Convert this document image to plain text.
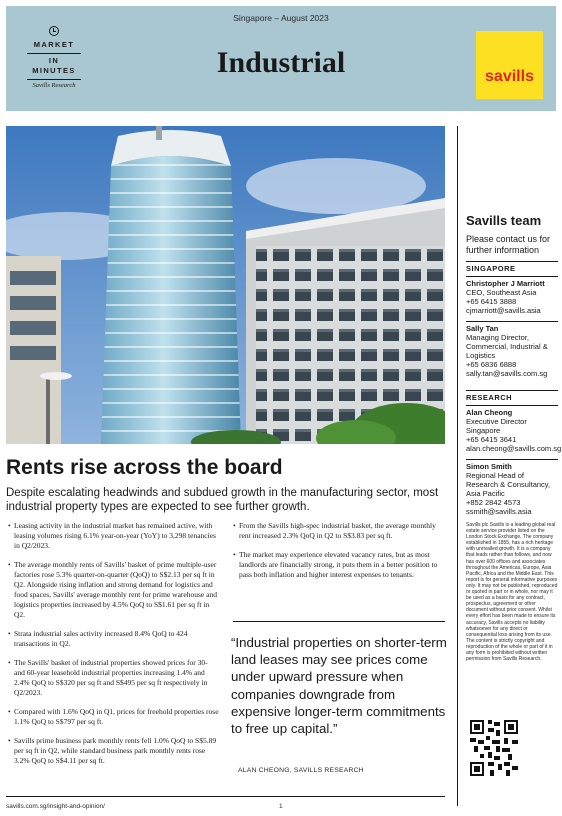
Singapore – August 2023
MARKET
IN
MINUTES
Savills Research
Industrial	savills
Savills team
Please contact us for further information
SINGAPORE
Christopher J Marriott
CEO, Southeast Asia
+65 6415 3888
cjmarriott@savills.asia
Sally Tan
Managing Director,
Commercial, Industrial &
Logistics
+65 6836 6888
sally.tan@savills.com.sg
RESEARCH
Alan Cheong
Executive Director
Singapore
+65 6415 3641
alan.cheong@savills.com.sg
Simon Smith
Regional Head of
Research & Consultancy,
Asia Pacific
+852 2842 4573
ssmith@savills.asia
Savills plc Savills is a leading global real estate service provider listed on the London Stock Exchange. The company established in 1855, has a rich heritage with unrivalled growth. It is a company that leads rather than follows, and now has over 600 offices and associates throughout the Americas, Europe, Asia Pacific, Africa and the Middle East. This report is for general informative purposes only. It may not be published, reproduced or quoted in part or in whole, nor may it be used as a basis for any contract, prospectus, agreement or other document without prior consent. Whilst every effort has been made to ensure its accuracy, Savills accepts no liability whatsoever for any direct or consequential loss arising from its use. The content is strictly copyright and reproduction of the whole or part of it in any form is prohibited without written permission from Savills Research.
Rents rise across the board
Despite escalating headwinds and subdued growth in the manufacturing sector, most industrial property types are expected to see further growth.
• Leasing activity in the industrial market has remained active, with leasing volumes rising 6.1% year-on-year (YoY) to 3,298 tenancies in Q2/2023.
• The average monthly rents of Savills' basket of prime multiple-user factories rose 5.3% quarter-on-quarter (QoQ) to S$2.13 per sq ft in Q2. Alongside rising inflation and strong demand for logistics and food spaces, Savills' average monthly rent for prime warehouse and logistics properties increased by 4.5% QoQ to S$1.61 per sq ft in Q2.
• Strata industrial sales activity increased 8.4% QoQ to 424 transactions in Q2.
• The Savills' basket of industrial properties showed prices for 30- and 60-year leasehold industrial properties increasing 1.4% and 2.4% QoQ to S$320 per sq ft and S$495 per sq ft respectively in Q2/2023.
• Compared with 1.6% QoQ in Q1, prices for freehold properties rose 1.1% QoQ to S$797 per sq ft.
• Savills prime business park monthly rents fell 1.0% QoQ to S$5.89 per sq ft in Q2, while standard business park monthly rents rose 3.2% QoQ to S$4.11 per sq ft.
• From the Savills high-spec industrial basket, the average monthly rent increased 2.3% QoQ in Q2 to S$3.83 per sq ft.
• The market may experience elevated vacancy rates, but as most landlords are financially strong, it puts them in a better position to pass both inflation and higher interest expenses to tenants.
“Industrial properties on shorter-term land leases may see prices come under upward pressure when companies downgrade from expensive longer-term commitments to free up capital.”
ALAN CHEONG, SAVILLS RESEARCH
savills.com.sg/insight-and-opinion/	1
